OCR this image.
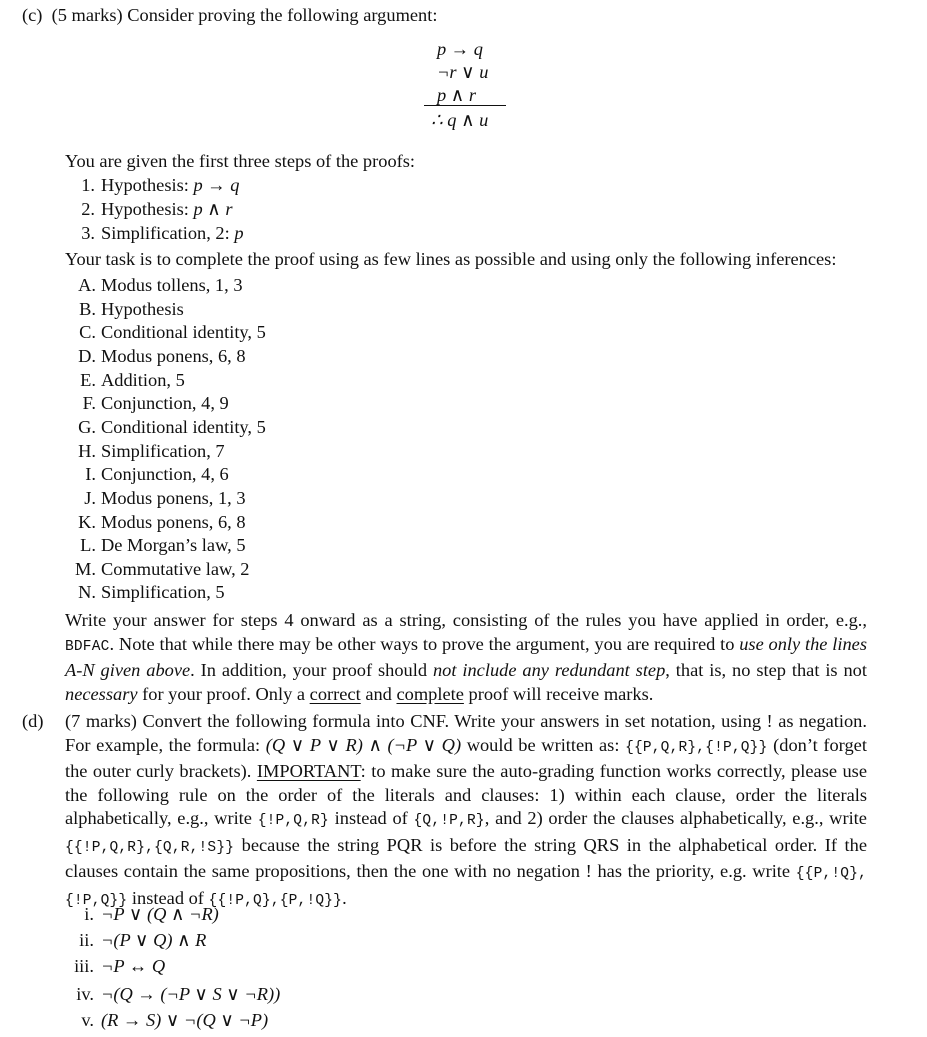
(c) (5 marks) Consider proving the following argument:
p → q
¬r ∨ u
p ∧ r
∴ q ∧ u
You are given the first three steps of the proofs:
1. Hypothesis: p → q
2. Hypothesis: p ∧ r
3. Simplification, 2: p
Your task is to complete the proof using as few lines as possible and using only the following inferences:
A. Modus tollens, 1, 3
B. Hypothesis
C. Conditional identity, 5
D. Modus ponens, 6, 8
E. Addition, 5
F. Conjunction, 4, 9
G. Conditional identity, 5
H. Simplification, 7
I. Conjunction, 4, 6
J. Modus ponens, 1, 3
K. Modus ponens, 6, 8
L. De Morgan’s law, 5
M. Commutative law, 2
N. Simplification, 5
Write your answer for steps 4 onward as a string, consisting of the rules you have applied in order, e.g., BDFAC. Note that while there may be other ways to prove the argument, you are required to use only the lines A-N given above. In addition, your proof should not include any redundant step, that is, no step that is not necessary for your proof. Only a correct and complete proof will receive marks.
(d) (7 marks) Convert the following formula into CNF. Write your answers in set notation, using ! as negation. For example, the formula: (Q ∨ P ∨ R) ∧ (¬P ∨ Q) would be written as: {{P,Q,R},{!P,Q}} (don’t forget the outer curly brackets). IMPORTANT: to make sure the auto-grading function works correctly, please use the following rule on the order of the literals and clauses: 1) within each clause, order the literals alphabetically, e.g., write {!P,Q,R} instead of {Q,!P,R}, and 2) order the clauses alphabetically, e.g., write {{!P,Q,R},{Q,R,!S}} because the string PQR is before the string QRS in the alphabetical order. If the clauses contain the same propositions, then the one with no negation ! has the priority, e.g. write {{P,!Q},{!P,Q}} instead of {{!P,Q},{P,!Q}}.
i. ¬P ∨ (Q ∧ ¬R)
ii. ¬(P ∨ Q) ∧ R
iii. ¬P ↔ Q
iv. ¬(Q → (¬P ∨ S ∨ ¬R))
v. (R → S) ∨ ¬(Q ∨ ¬P)
